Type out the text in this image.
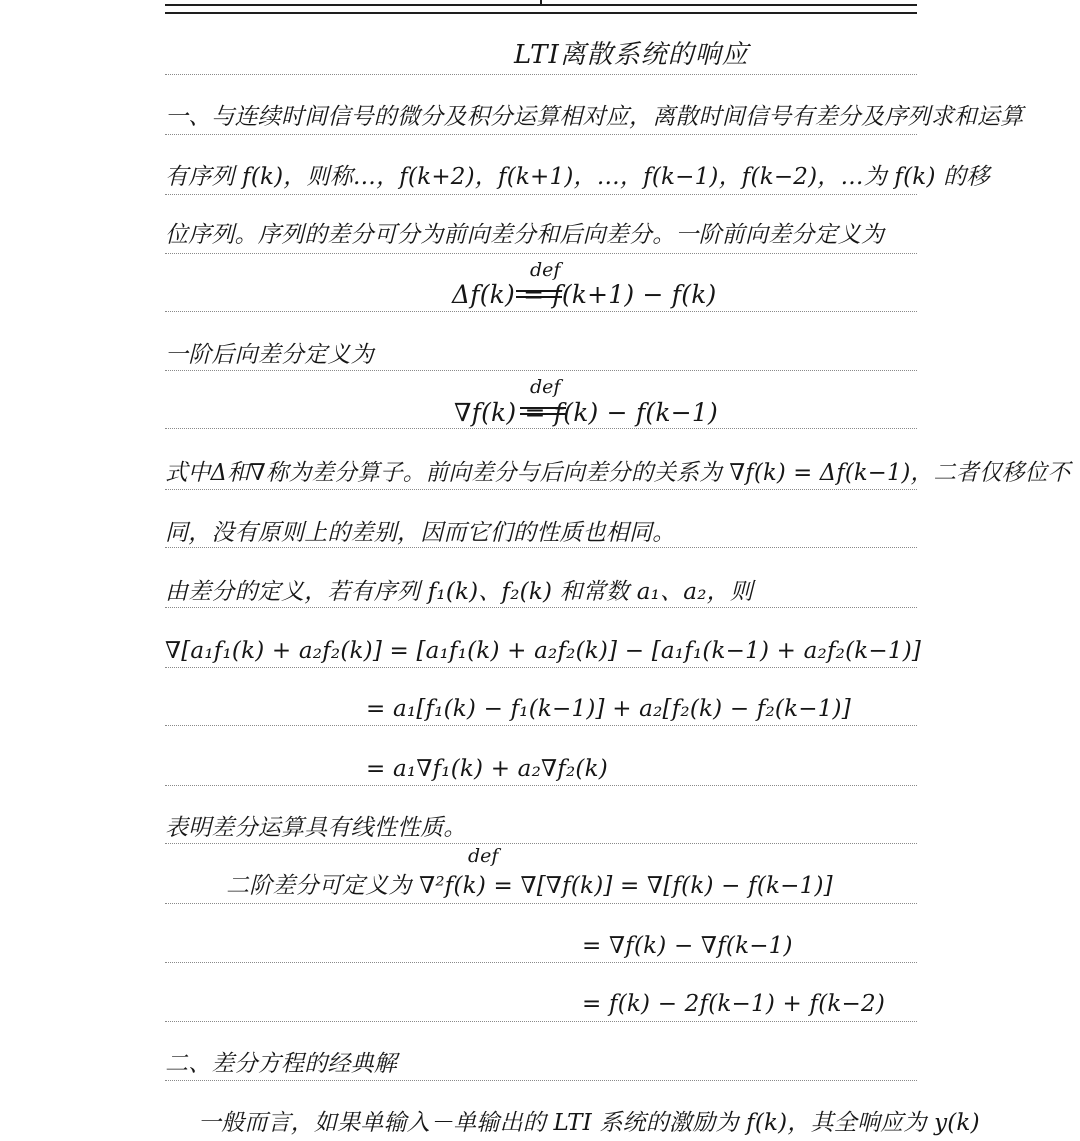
LTI离散系统的响应
一、与连续时间信号的微分及积分运算相对应，离散时间信号有差分及序列求和运算
有序列 f(k)，则称…，f(k+2)，f(k+1)，…，f(k−1)，f(k−2)，…为 f(k) 的移
位序列。序列的差分可分为前向差分和后向差分。一阶前向差分定义为
Δf(k) = f(k+1) − f(k)
def
一阶后向差分定义为
∇f(k) = f(k) − f(k−1)
def
式中Δ和∇称为差分算子。前向差分与后向差分的关系为 ∇f(k) = Δf(k−1)，二者仅移位不
同，没有原则上的差别，因而它们的性质也相同。
由差分的定义，若有序列 f₁(k)、f₂(k) 和常数 a₁、a₂，则
∇[a₁f₁(k) + a₂f₂(k)] = [a₁f₁(k) + a₂f₂(k)] − [a₁f₁(k−1) + a₂f₂(k−1)]
= a₁[f₁(k) − f₁(k−1)] + a₂[f₂(k) − f₂(k−1)]
= a₁∇f₁(k) + a₂∇f₂(k)
表明差分运算具有线性性质。
二阶差分可定义为 ∇²f(k) = ∇[∇f(k)] = ∇[f(k) − f(k−1)]
def
= ∇f(k) − ∇f(k−1)
= f(k) − 2f(k−1) + f(k−2)
二、差分方程的经典解
一般而言，如果单输入－单输出的 LTI 系统的激励为 f(k)，其全响应为 y(k)
